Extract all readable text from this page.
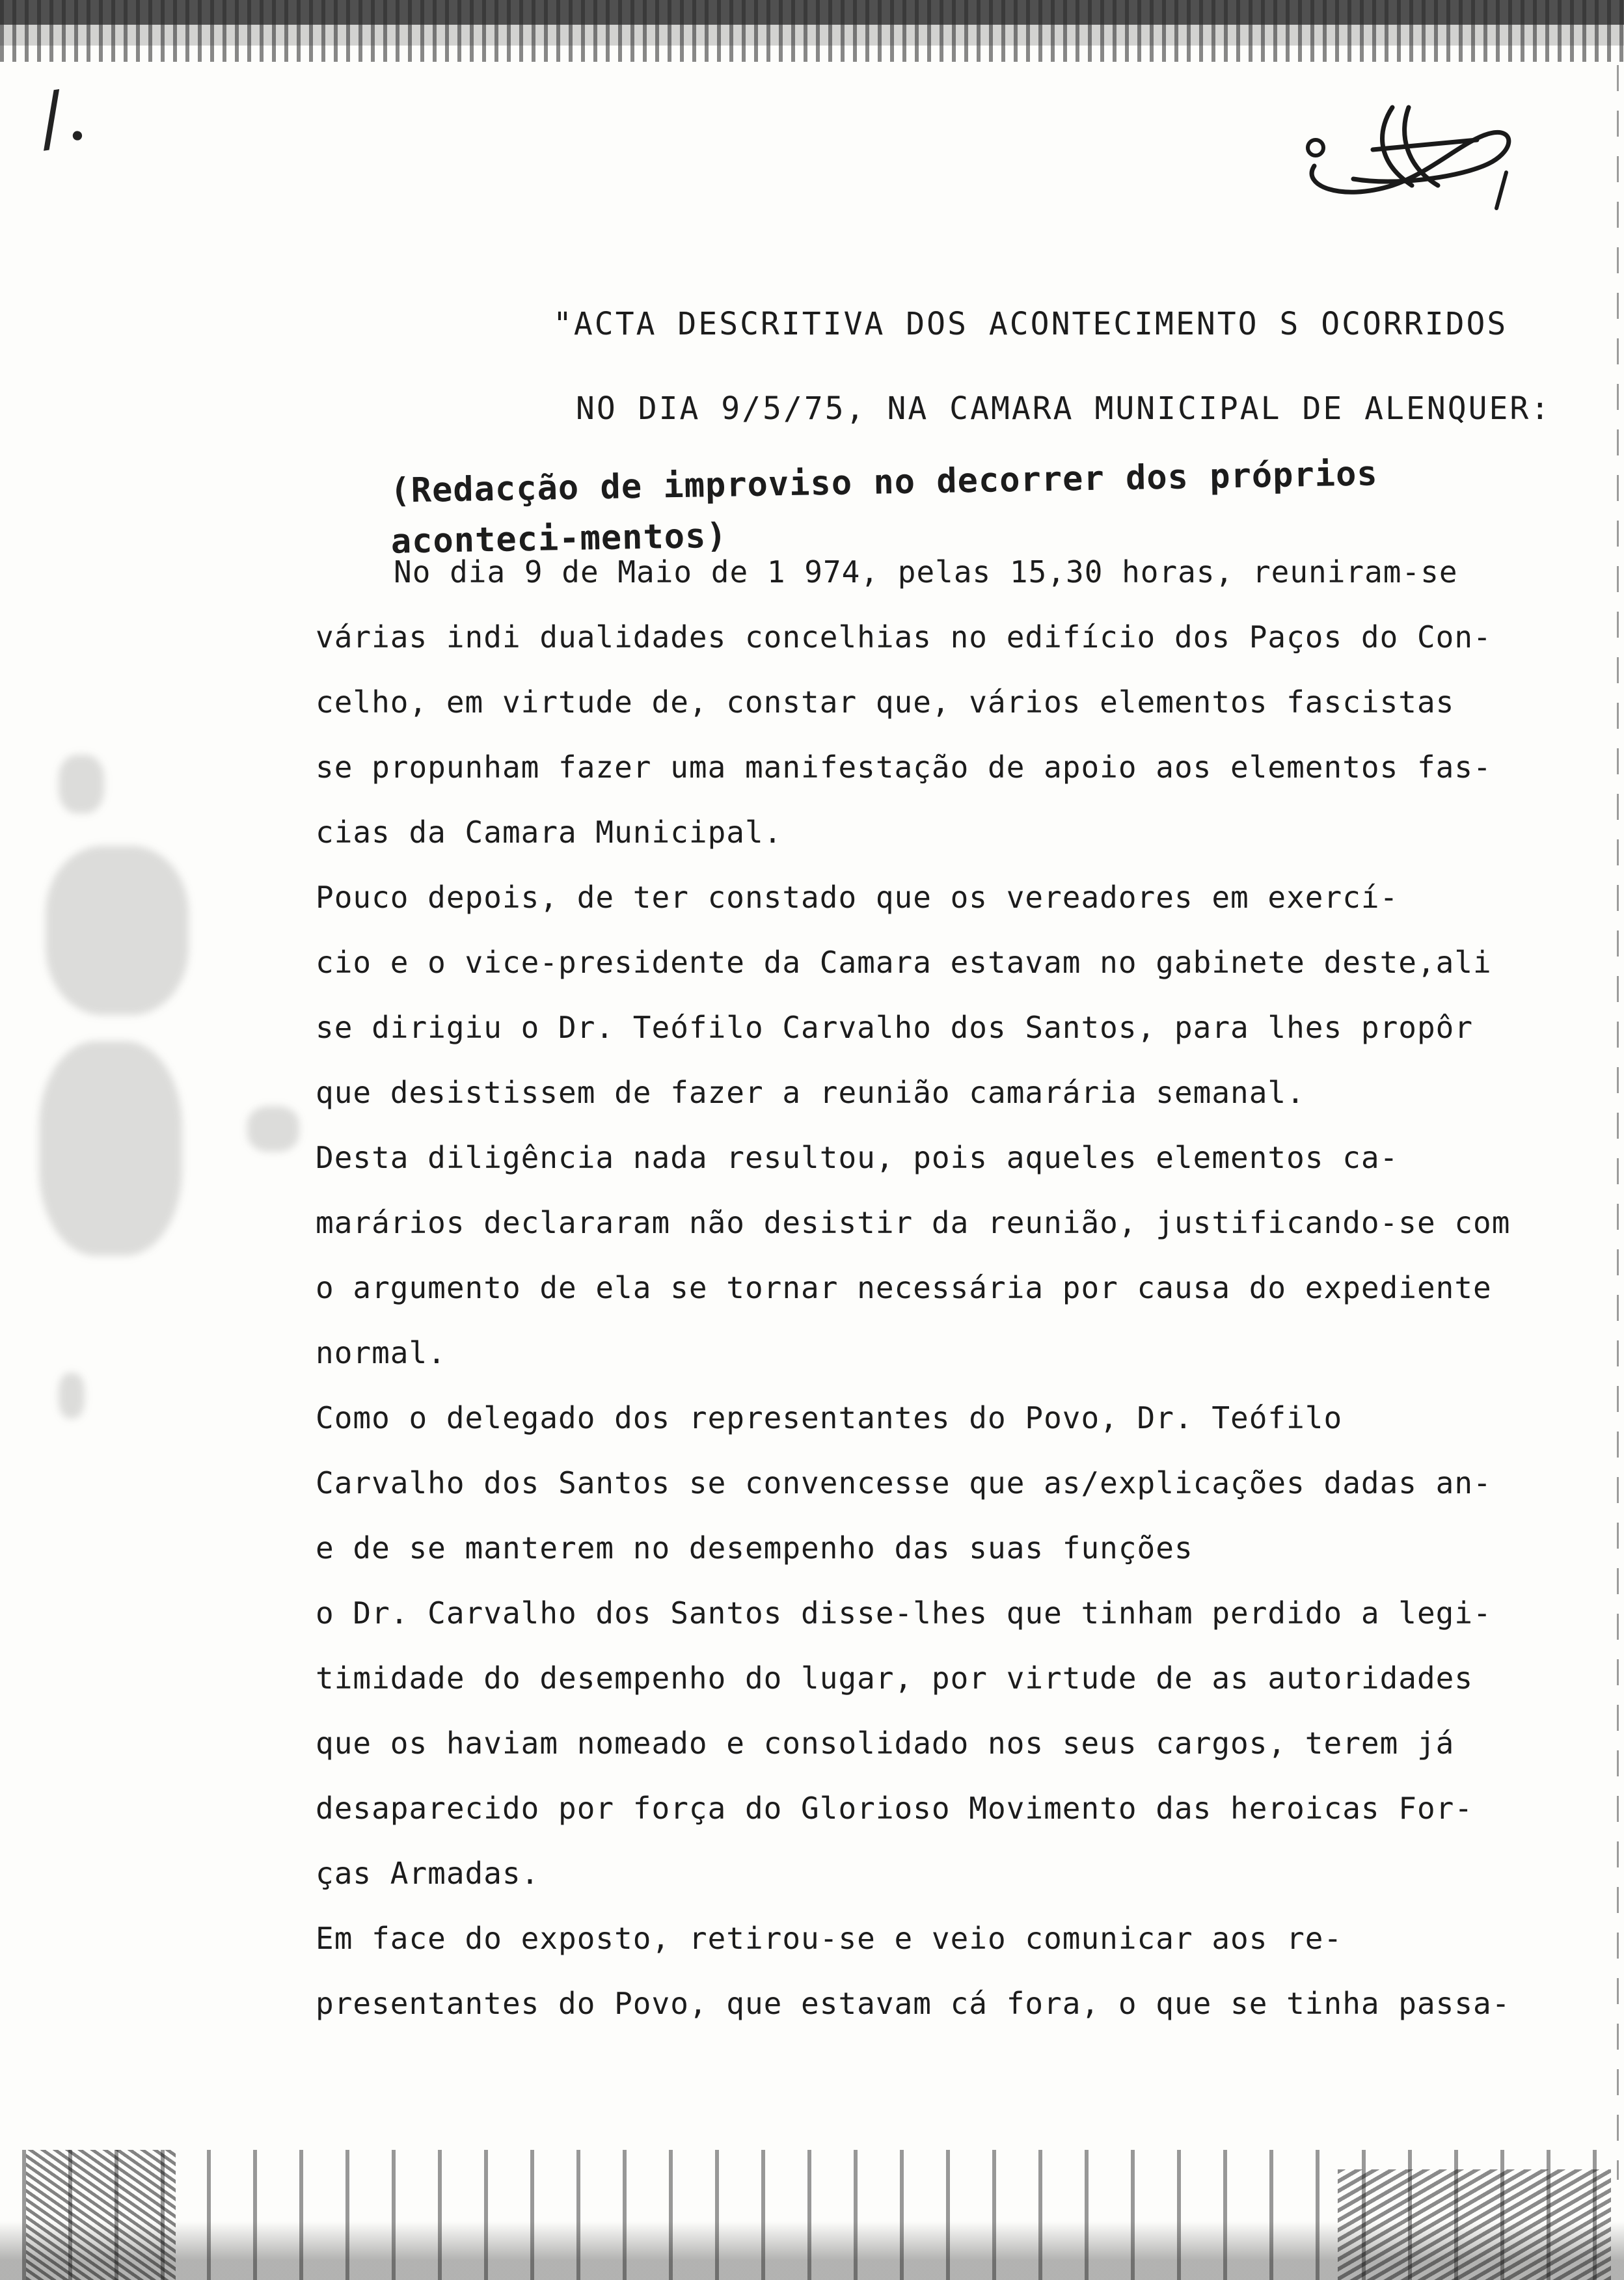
/.
"ACTA DESCRITIVA DOS ACONTECIMENTO S OCORRIDOS
NO DIA 9/5/75, NA CAMARA MUNICIPAL DE ALENQUER:
(Redacção de improviso no decorrer dos próprios aconteci-mentos)
No dia 9 de Maio de 1 974, pelas 15,30 horas, reuniram-se
várias indi dualidades concelhias no edifício dos Paços do Con-
celho, em virtude de, constar que, vários elementos fascistas
se propunham fazer uma manifestação de apoio aos elementos fas-
cias da Camara Municipal.
Pouco depois, de ter constado que os vereadores em exercí-
cio e o vice-presidente da Camara estavam no gabinete deste,ali
se dirigiu o Dr. Teófilo Carvalho dos Santos, para lhes propôr
que desistissem de fazer a reunião camarária semanal.
Desta diligência nada resultou, pois aqueles elementos ca-
marários declararam não desistir da reunião, justificando-se com
o argumento de ela se tornar necessária por causa do expediente
normal.
Como o delegado dos representantes do Povo, Dr. Teófilo
Carvalho dos Santos se convencesse que as/explicações dadas an-
e de se manterem no desempenho das suas funções
o Dr. Carvalho dos Santos disse-lhes que tinham perdido a legi-
timidade do desempenho do lugar, por virtude de as autoridades
que os haviam nomeado e consolidado nos seus cargos, terem já
desaparecido por força do Glorioso Movimento das heroicas For-
ças Armadas.
Em face do exposto, retirou-se e veio comunicar aos re-
presentantes do Povo, que estavam cá fora, o que se tinha passa-
